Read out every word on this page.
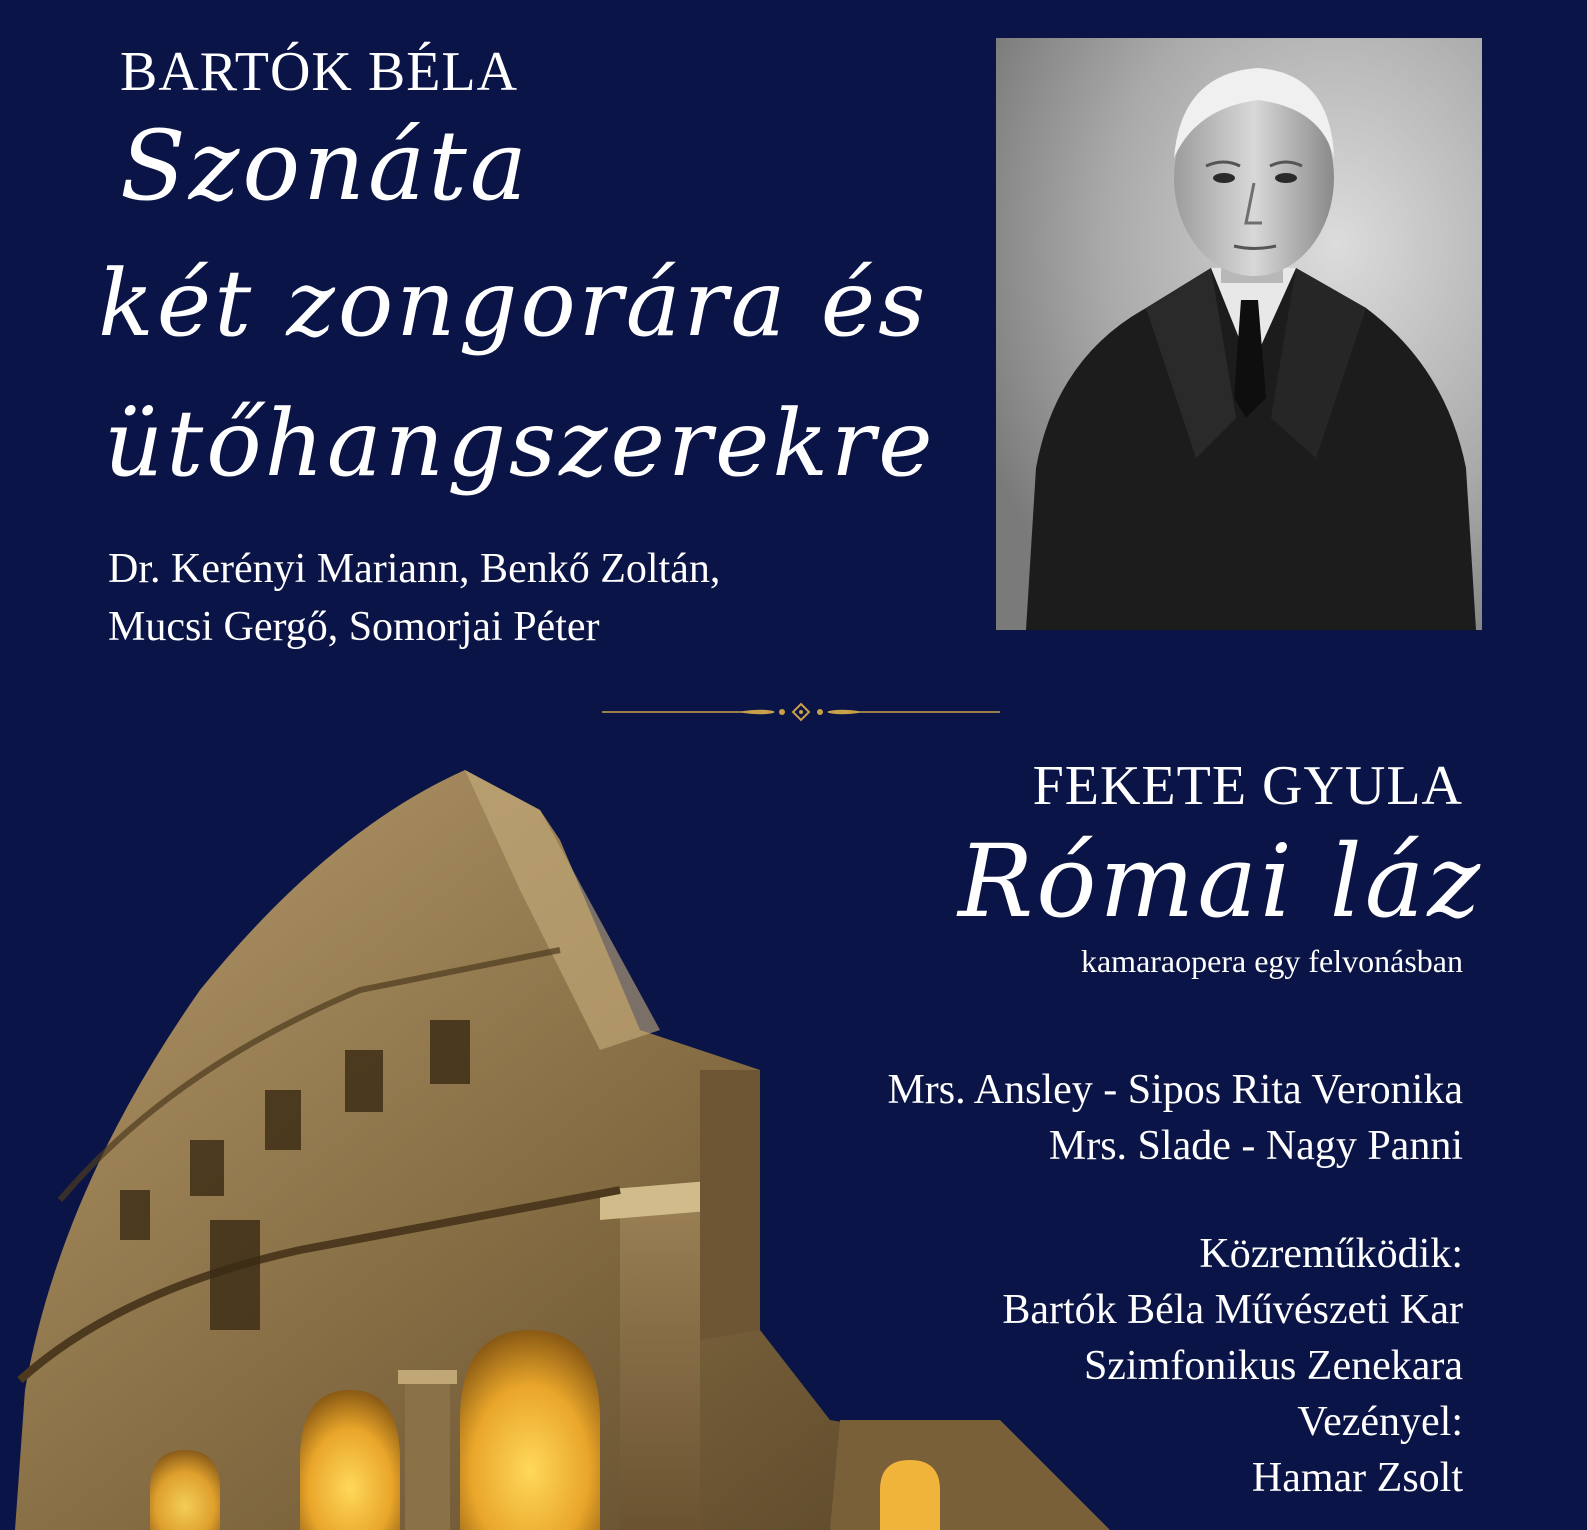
BARTÓK BÉLA
Szonáta
két zongorára és
ütőhangszerekre
Dr. Kerényi Mariann, Benkő Zoltán,
Mucsi Gergő, Somorjai Péter
FEKETE GYULA
Római láz
kamaraopera egy felvonásban
Mrs. Ansley - Sipos Rita Veronika
Mrs. Slade - Nagy Panni
Közreműködik:
Bartók Béla Művészeti Kar
Szimfonikus Zenekara
Vezényel:
Hamar Zsolt
